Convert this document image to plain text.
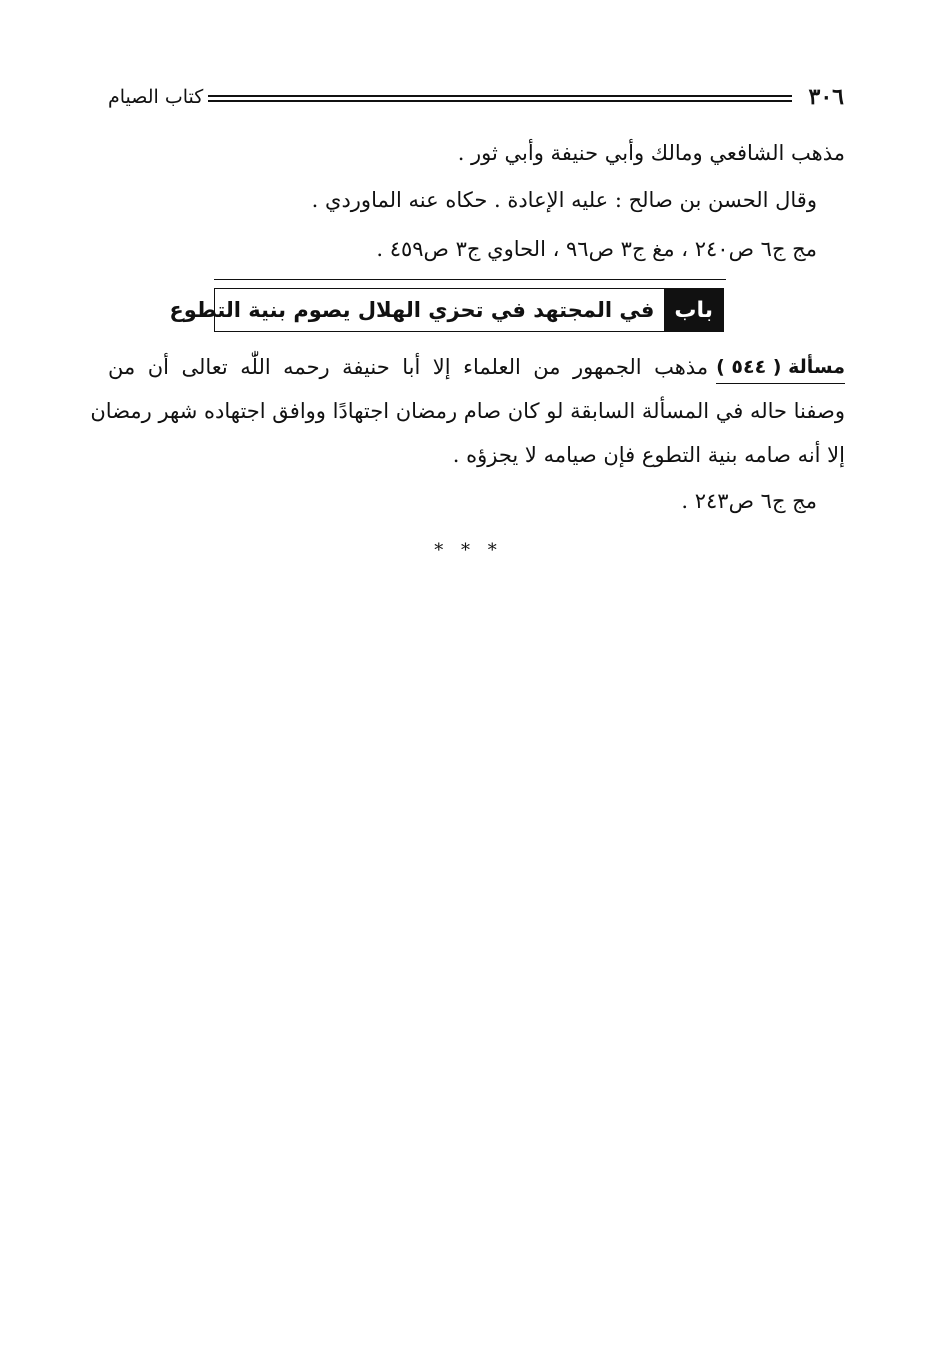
كتاب الصيام	٣٠٦
مذهب الشافعي ومالك وأبي حنيفة وأبي ثور .
وقال الحسن بن صالح : عليه الإعادة . حكاه عنه الماوردي .
مج ج٦ ص٢٤٠ ، مغ ج٣ ص٩٦ ، الحاوي ج٣ ص٤٥٩ .
باب
في المجتهد في تحزي الهلال يصوم بنية التطوع
مسألة ( ٥٤٤ )
مذهب الجمهور من العلماء إلا أبا حنيفة رحمه اللّٰه تعالى أن من
وصفنا حاله في المسألة السابقة لو كان صام رمضان اجتهادًا ووافق اجتهاده شهر رمضان
إلا أنه صامه بنية التطوع فإن صيامه لا يجزؤه .
مج ج٦ ص٢٤٣ .
* * *
